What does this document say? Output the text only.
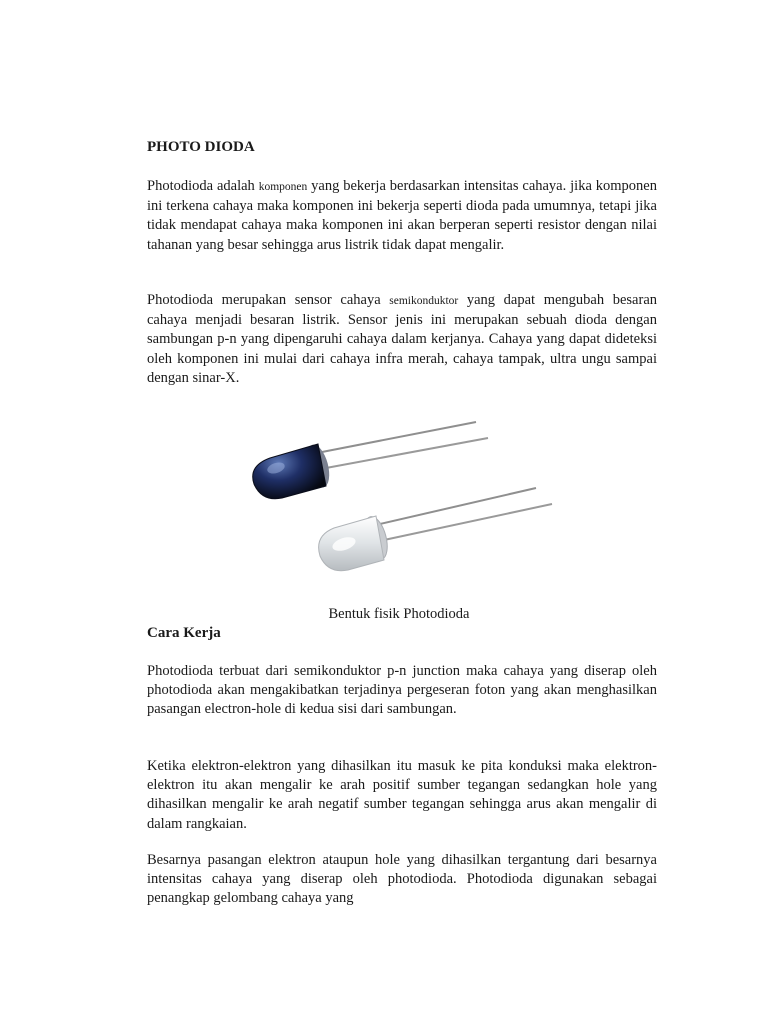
PHOTO DIODA

Photodioda adalah komponen yang bekerja berdasarkan intensitas cahaya. jika komponen ini terkena cahaya maka komponen ini bekerja seperti dioda pada umumnya, tetapi jika tidak mendapat cahaya maka komponen ini akan berperan seperti resistor dengan nilai tahanan yang besar sehingga arus listrik tidak dapat mengalir.

Photodioda merupakan sensor cahaya semikonduktor yang dapat mengubah besaran cahaya menjadi besaran listrik. Sensor jenis ini merupakan sebuah dioda dengan sambungan p-n yang dipengaruhi cahaya dalam kerjanya. Cahaya yang dapat dideteksi oleh komponen ini mulai dari cahaya infra merah, cahaya tampak, ultra ungu sampai dengan sinar-X.

Bentuk fisik Photodioda
Cara Kerja

Photodioda terbuat dari semikonduktor p-n junction maka cahaya yang diserap oleh photodioda akan mengakibatkan terjadinya pergeseran foton yang akan menghasilkan pasangan electron-hole di kedua sisi dari sambungan.

Ketika elektron-elektron yang dihasilkan itu masuk ke pita konduksi maka elektron-elektron itu akan mengalir ke arah positif sumber tegangan sedangkan hole yang dihasilkan mengalir ke arah negatif sumber tegangan sehingga arus akan mengalir di dalam rangkaian.

Besarnya pasangan elektron ataupun hole yang dihasilkan tergantung dari besarnya intensitas cahaya yang diserap oleh photodioda. Photodioda digunakan sebagai penangkap gelombang cahaya yang
